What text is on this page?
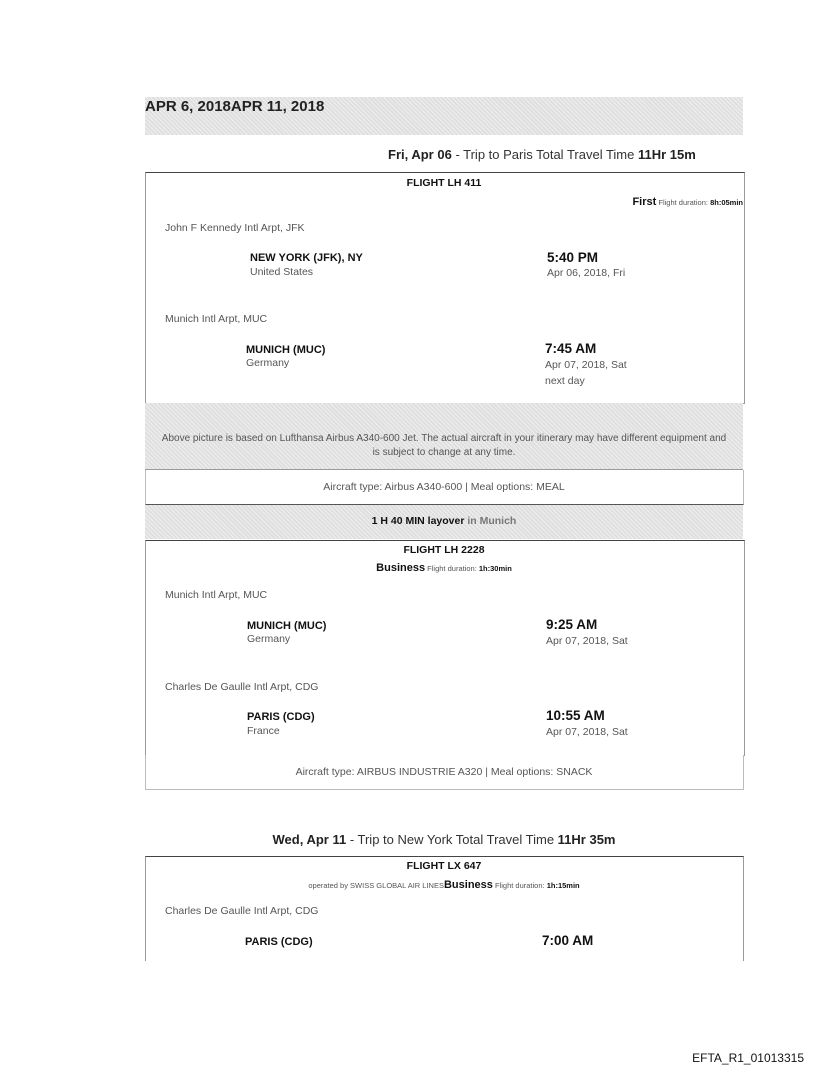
APR 6, 2018APR 11, 2018
Fri, Apr 06 - Trip to Paris Total Travel Time 11Hr 15m
FLIGHT LH 411
First Flight duration: 8h:05min
John F Kennedy Intl Arpt, JFK
NEW YORK (JFK), NY
United States
5:40 PM
Apr 06, 2018, Fri
Munich Intl Arpt, MUC
MUNICH (MUC)
Germany
7:45 AM
Apr 07, 2018, Sat
next day
Above picture is based on Lufthansa Airbus A340-600 Jet. The actual aircraft in your itinerary may have different equipment and is subject to change at any time.
Aircraft type: Airbus A340-600 | Meal options: MEAL
1 H 40 MIN layover in Munich
FLIGHT LH 2228
Business Flight duration: 1h:30min
Munich Intl Arpt, MUC
MUNICH (MUC)
Germany
9:25 AM
Apr 07, 2018, Sat
Charles De Gaulle Intl Arpt, CDG
PARIS (CDG)
France
10:55 AM
Apr 07, 2018, Sat
Aircraft type: AIRBUS INDUSTRIE A320 | Meal options: SNACK
Wed, Apr 11 - Trip to New York Total Travel Time 11Hr 35m
FLIGHT LX 647
operated by SWISS GLOBAL AIR LINESBusiness Flight duration: 1h:15min
Charles De Gaulle Intl Arpt, CDG
PARIS (CDG)	7:00 AM
EFTA_R1_01013315
